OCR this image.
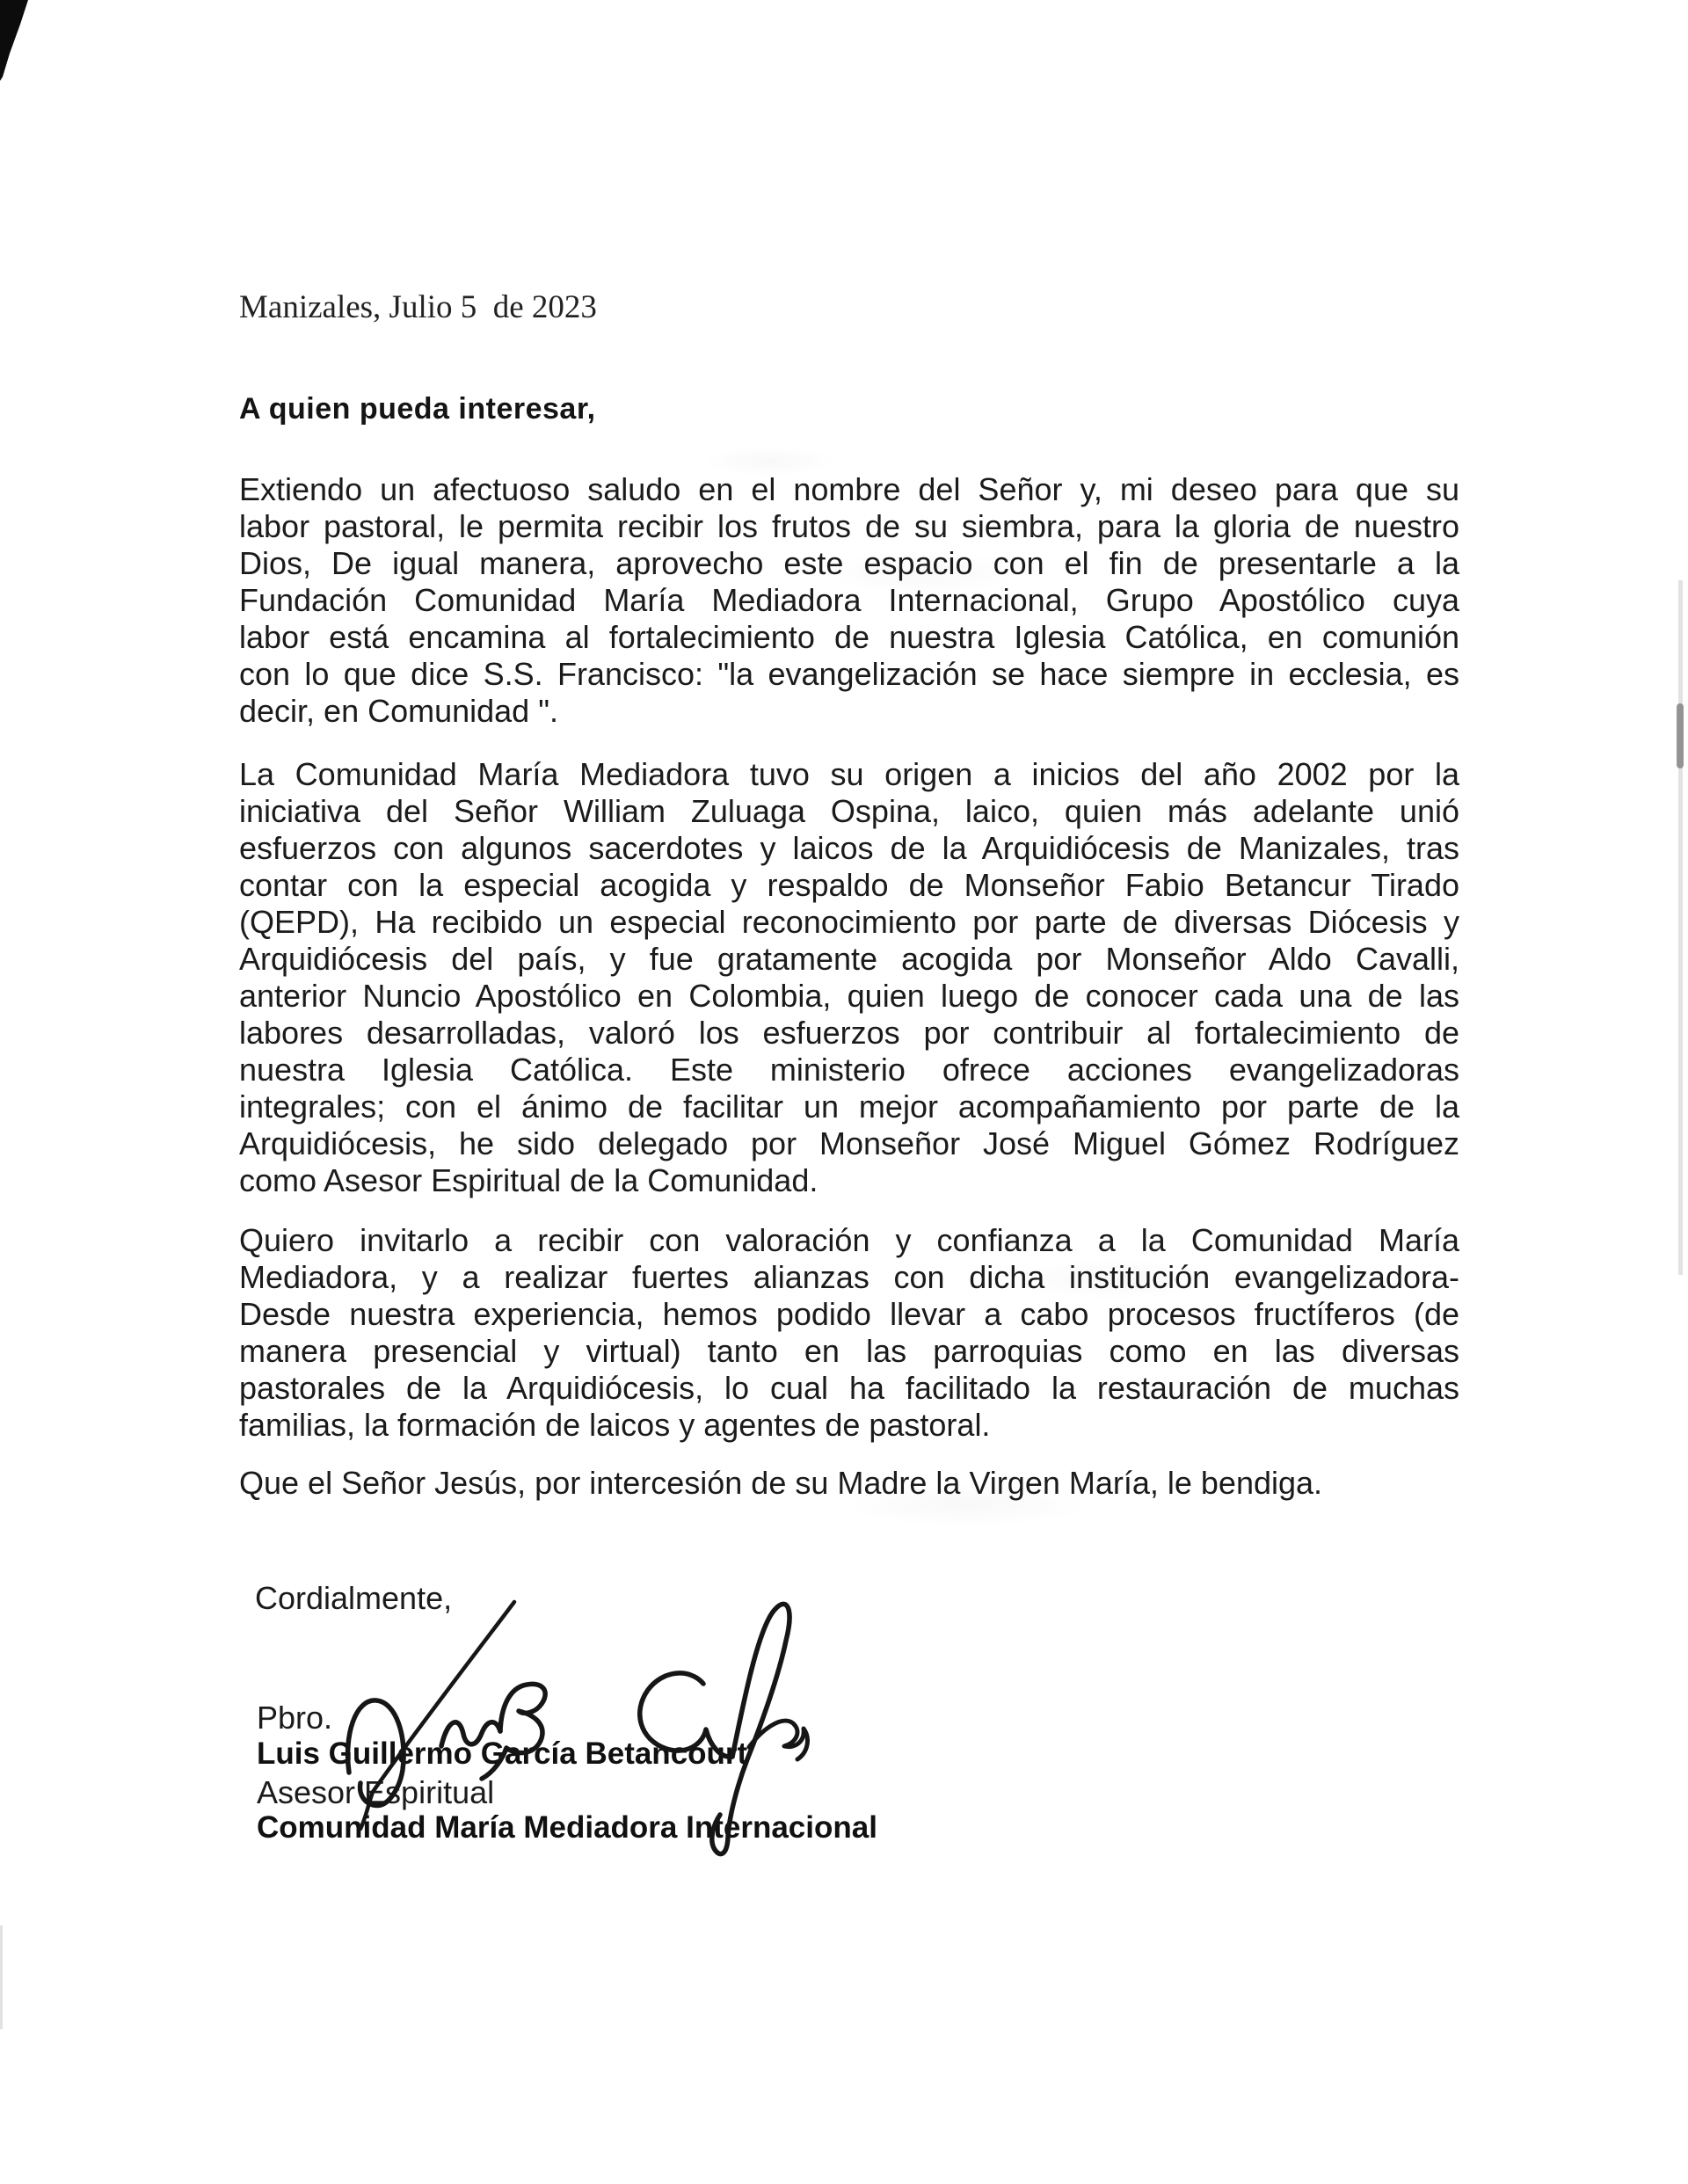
Manizales, Julio 5  de 2023
A quien pueda interesar,
Extiendo un afectuoso saludo en el nombre del Señor y, mi deseo para que su
labor pastoral, le permita recibir los frutos de su siembra, para la gloria de nuestro
Dios, De igual manera, aprovecho este espacio con el fin de presentarle a la
Fundación Comunidad María Mediadora Internacional, Grupo Apostólico cuya
labor está encamina al fortalecimiento de nuestra Iglesia Católica, en comunión
con lo que dice S.S. Francisco: "la evangelización se hace siempre in ecclesia, es
decir, en Comunidad ".
La Comunidad María Mediadora tuvo su origen a inicios del año 2002 por la
iniciativa del Señor William Zuluaga Ospina, laico, quien más adelante unió
esfuerzos con algunos sacerdotes y laicos de la Arquidiócesis de Manizales, tras
contar con la especial acogida y respaldo de Monseñor Fabio Betancur Tirado
(QEPD), Ha recibido un especial reconocimiento por parte de diversas Diócesis y
Arquidiócesis del país, y fue gratamente acogida por Monseñor Aldo Cavalli,
anterior Nuncio Apostólico en Colombia, quien luego de conocer cada una de las
labores desarrolladas, valoró los esfuerzos por contribuir al fortalecimiento de
nuestra Iglesia Católica. Este ministerio ofrece acciones evangelizadoras
integrales; con el ánimo de facilitar un mejor acompañamiento por parte de la
Arquidiócesis, he sido delegado por Monseñor José Miguel Gómez Rodríguez
como Asesor Espiritual de la Comunidad.
Quiero invitarlo a recibir con valoración y confianza a la Comunidad María
Mediadora, y a realizar fuertes alianzas con dicha institución evangelizadora-
Desde nuestra experiencia, hemos podido llevar a cabo procesos fructíferos (de
manera presencial y virtual) tanto en las parroquias como en las diversas
pastorales de la Arquidiócesis, lo cual ha facilitado la restauración de muchas
familias, la formación de laicos y agentes de pastoral.
Que el Señor Jesús, por intercesión de su Madre la Virgen María, le bendiga.
Cordialmente,
Pbro.
Luis Guillermo García Betancourt
Asesor Espiritual
Comunidad María Mediadora Internacional
